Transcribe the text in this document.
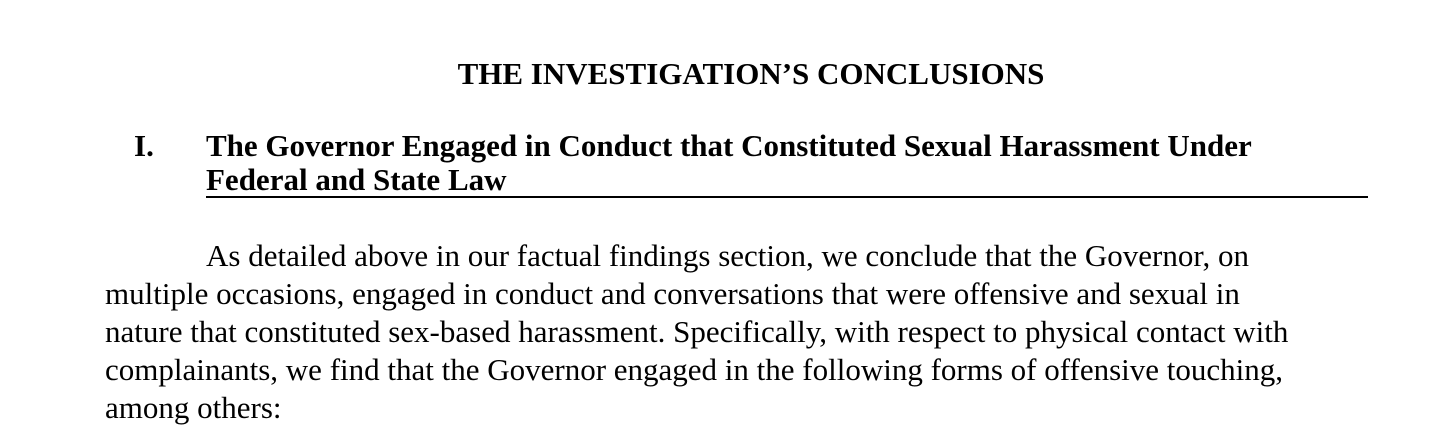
THE INVESTIGATION’S CONCLUSIONS
I. The Governor Engaged in Conduct that Constituted Sexual Harassment Under
Federal and State Law
As detailed above in our factual findings section, we conclude that the Governor, on
multiple occasions, engaged in conduct and conversations that were offensive and sexual in
nature that constituted sex-based harassment. Specifically, with respect to physical contact with
complainants, we find that the Governor engaged in the following forms of offensive touching,
among others:
